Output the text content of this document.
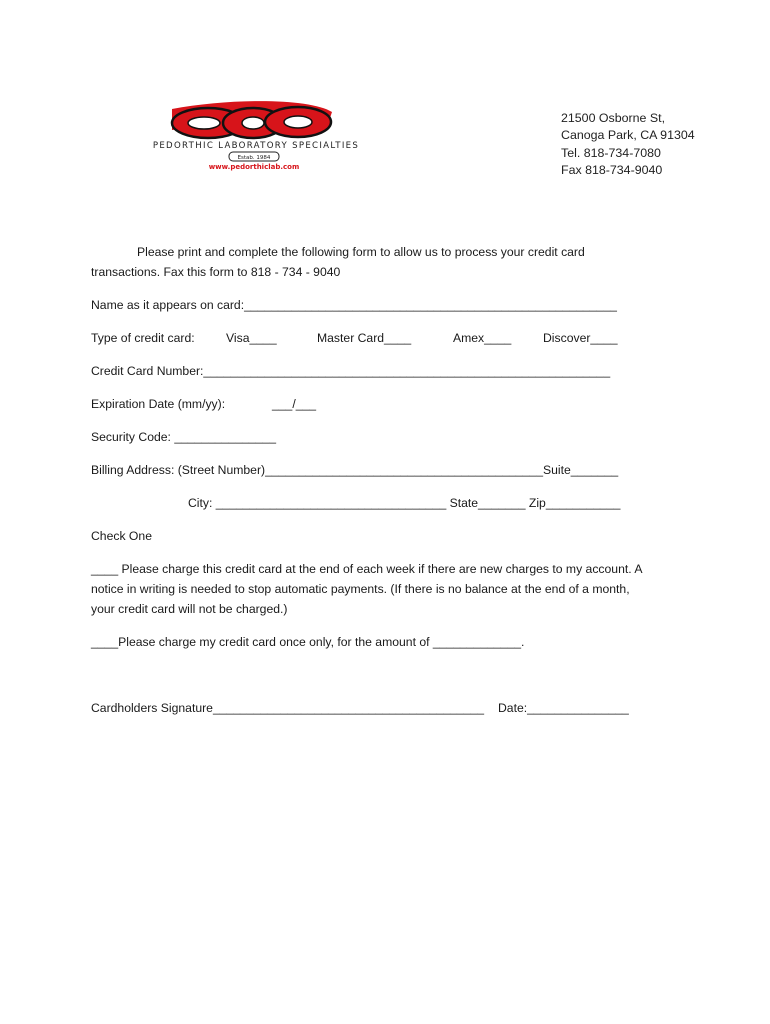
PEDORTHIC LABORATORY SPECIALTIES
Estab. 1984
www.pedorthiclab.com
21500 Osborne St,
Canoga Park, CA 91304
Tel. 818-734-7080
Fax 818-734-9040
Please print and complete the following form to allow us to process your credit card
transactions. Fax this form to 818 - 734 - 9040
Name as it appears on card:_______________________________________________________
Type of credit card:	Visa____	Master Card____	Amex____	Discover____
Credit Card Number:____________________________________________________________
Expiration Date (mm/yy):	___/___
Security Code: _______________
Billing Address: (Street Number)_________________________________________Suite_______
City: __________________________________ State_______ Zip___________
Check One
____ Please charge this credit card at the end of each week if there are new charges to my account. A
notice in writing is needed to stop automatic payments. (If there is no balance at the end of a month,
your credit card will not be charged.)
____Please charge my credit card once only, for the amount of _____________.
Cardholders Signature________________________________________ Date:_______________
